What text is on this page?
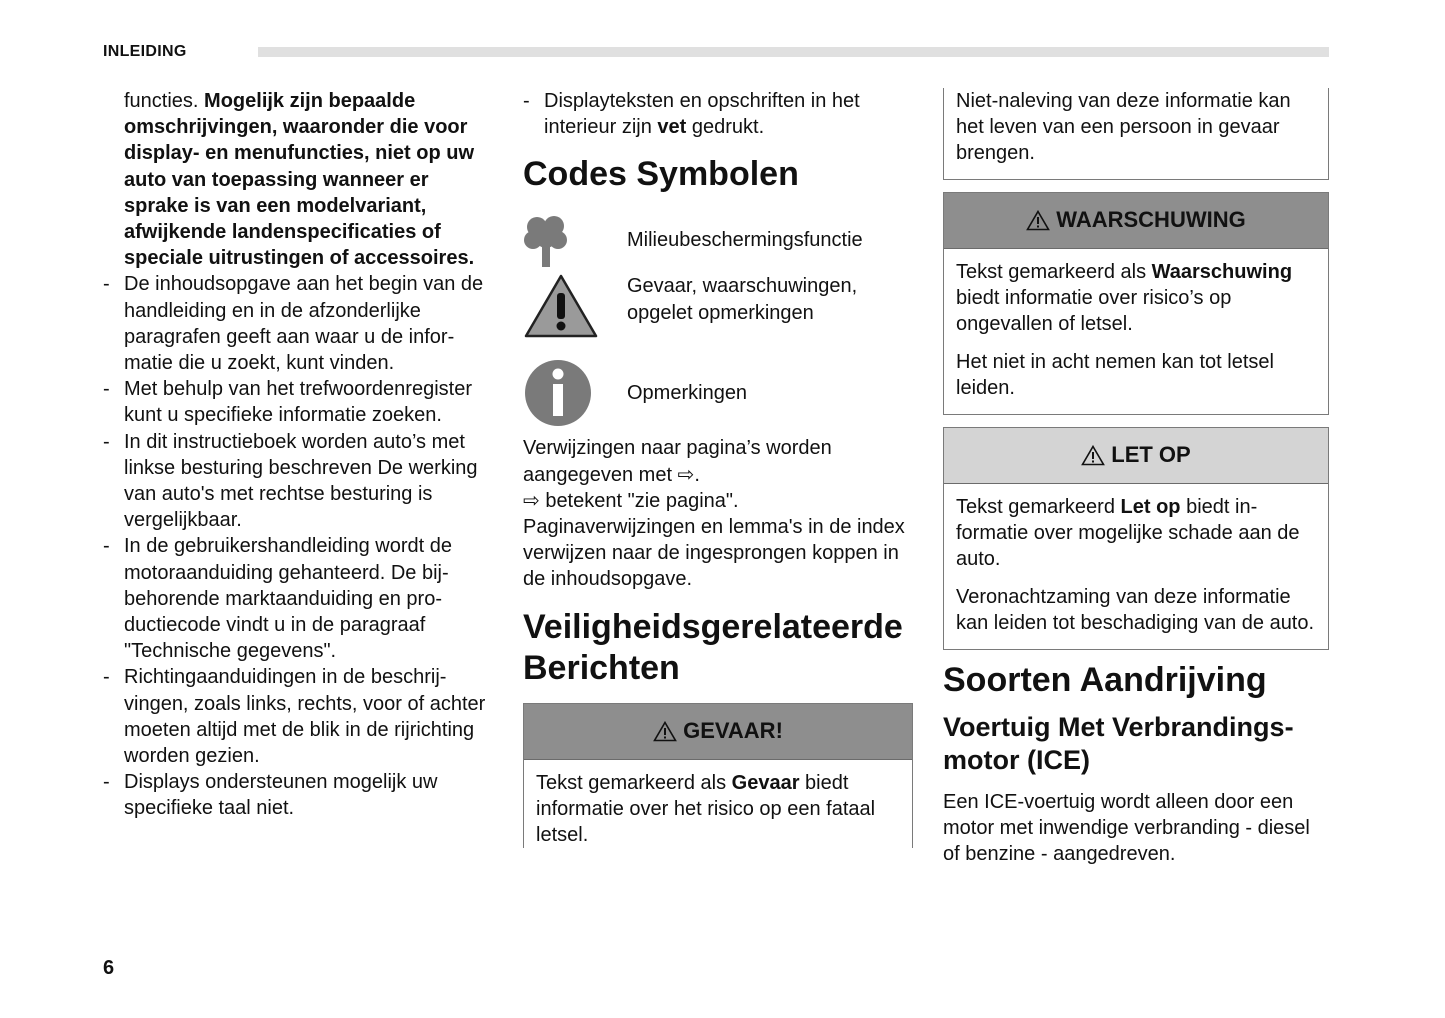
INLEIDING

functies. Mogelijk zijn bepaalde omschrijvingen, waaronder die voor display- en menufuncties, niet op uw auto van toepassing wanneer er sprake is van een modelvariant, afwijkende landenspecificaties of speciale uitrustingen of accessoires.

- De inhoudsopgave aan het begin van de handleiding en in de afzonderlijke paragrafen geeft aan waar u de informatie die u zoekt, kunt vinden.
- Met behulp van het trefwoordenregister kunt u specifieke informatie zoeken.
- In dit instructieboek worden auto’s met linkse besturing beschreven De werking van auto's met rechtse besturing is vergelijkbaar.
- In de gebruikershandleiding wordt de motoraanduiding gehanteerd. De bijbehorende marktaanduiding en productiecode vindt u in de paragraaf "Technische gegevens".
- Richtingaanduidingen in de beschrijvingen, zoals links, rechts, voor of achter moeten altijd met de blik in de rijrichting worden gezien.
- Displays ondersteunen mogelijk uw specifieke taal niet.
- Displayteksten en opschriften in het interieur zijn vet gedrukt.
Codes Symbolen
Milieubeschermingsfunctie
Gevaar, waarschuwingen, opgelet opmerkingen
Opmerkingen

Verwijzingen naar pagina’s worden aangegeven met ⇨.

⇨ betekent "zie pagina".

Paginaverwijzingen en lemma's in de index verwijzen naar de ingesprongen koppen in de inhoudsopgave.

Veiligheidsgerelateerde Berichten
GEVAAR!

Tekst gemarkeerd als Gevaar biedt informatie over het risico op een fataal letsel.

Niet-naleving van deze informatie kan het leven van een persoon in gevaar brengen.

WAARSCHUWING

Tekst gemarkeerd als Waarschuwing biedt informatie over risico’s op ongevallen of letsel.

Het niet in acht nemen kan tot letsel leiden.

LET OP

Tekst gemarkeerd Let op biedt informatie over mogelijke schade aan de auto.

Veronachtzaming van deze informatie kan leiden tot beschadiging van de auto.

Soorten Aandrijving
Voertuig Met Verbrandingsmotor (ICE)

Een ICE-voertuig wordt alleen door een motor met inwendige verbranding - diesel of benzine - aangedreven.

6
